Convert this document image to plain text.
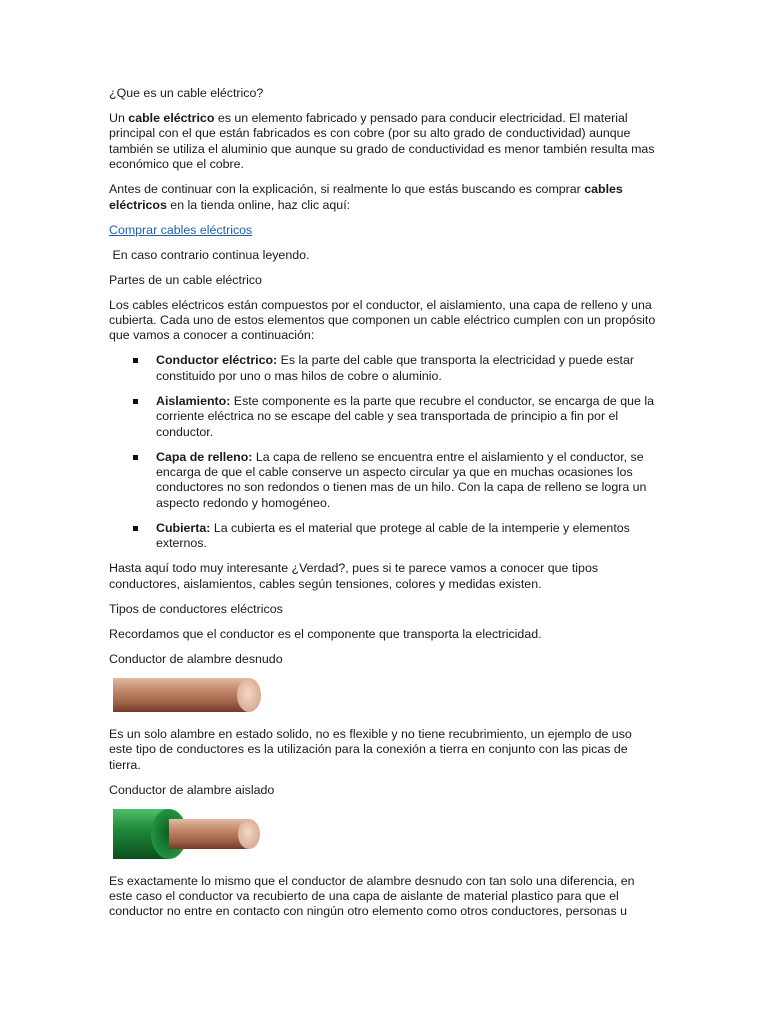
¿Que es un cable eléctrico?

Un cable eléctrico es un elemento fabricado y pensado para conducir electricidad. El material principal con el que están fabricados es con cobre (por su alto grado de conductividad) aunque también se utiliza el aluminio que aunque su grado de conductividad es menor también resulta mas económico que el cobre.

Antes de continuar con la explicación, si realmente lo que estás buscando es comprar cables eléctricos en la tienda online, haz clic aquí:

Comprar cables eléctricos

En caso contrario continua leyendo.

Partes de un cable eléctrico

Los cables eléctricos están compuestos por el conductor, el aislamiento, una capa de relleno y una cubierta. Cada uno de estos elementos que componen un cable eléctrico cumplen con un propósito que vamos a conocer a continuación:

Conductor eléctrico: Es la parte del cable que transporta la electricidad y puede estar constituido por uno o mas hilos de cobre o aluminio.
Aislamiento: Este componente es la parte que recubre el conductor, se encarga de que la corriente eléctrica no se escape del cable y sea transportada de principio a fin por el conductor.
Capa de relleno: La capa de relleno se encuentra entre el aislamiento y el conductor, se encarga de que el cable conserve un aspecto circular ya que en muchas ocasiones los conductores no son redondos o tienen mas de un hilo. Con la capa de relleno se logra un aspecto redondo y homogéneo.
Cubierta: La cubierta es el material que protege al cable de la intemperie y elementos externos.

Hasta aquí todo muy interesante ¿Verdad?, pues si te parece vamos a conocer que tipos conductores, aislamientos, cables según tensiones, colores y medidas existen.

Tipos de conductores eléctricos

Recordamos que el conductor es el componente que transporta la electricidad.

Conductor de alambre desnudo

Es un solo alambre en estado solido, no es flexible y no tiene recubrimiento, un ejemplo de uso este tipo de conductores es la utilización para la conexión a tierra en conjunto con las picas de tierra.

Conductor de alambre aislado

Es exactamente lo mismo que el conductor de alambre desnudo con tan solo una diferencia, en este caso el conductor va recubierto de una capa de aislante de material plastico para que el conductor no entre en contacto con ningún otro elemento como otros conductores, personas u
